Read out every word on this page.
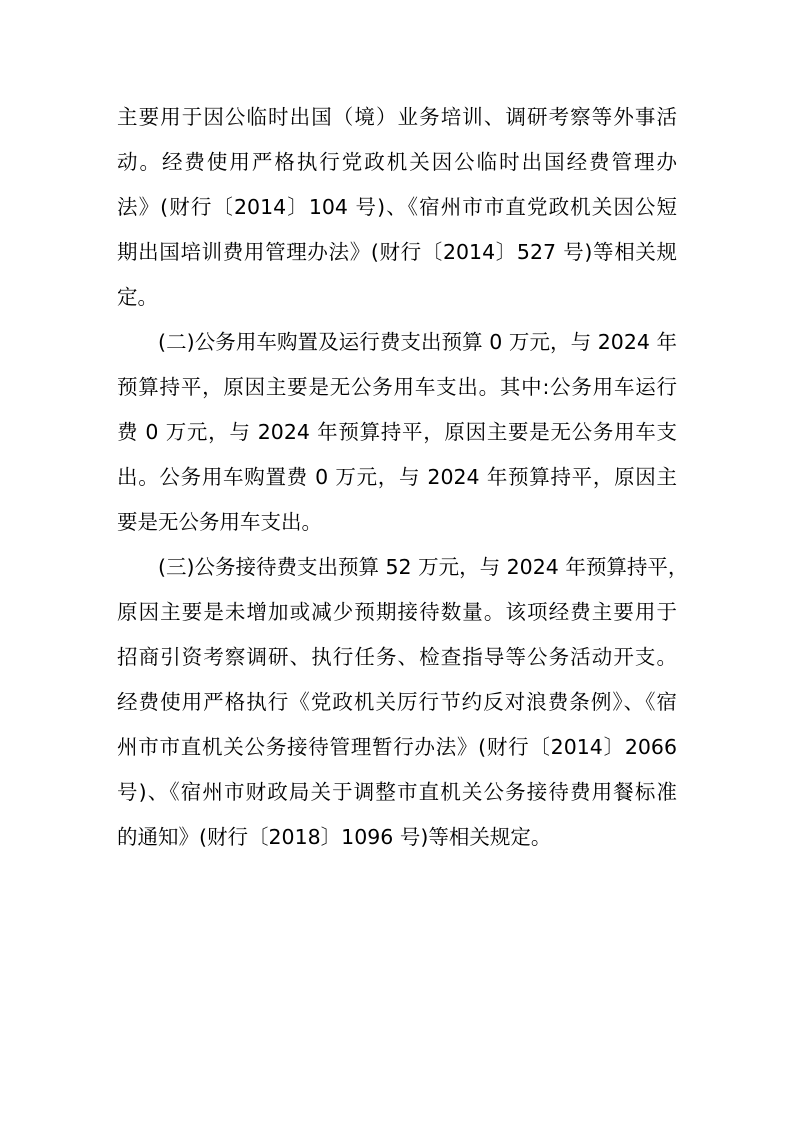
主要用于因公临时出国（境）业务培训、调研考察等外事活
动。经费使用严格执行党政机关因公临时出国经费管理办
法》(财行〔2014〕104 号)、《宿州市市直党政机关因公短
期出国培训费用管理办法》(财行〔2014〕527 号)等相关规
定。
(二)公务用车购置及运行费支出预算 0 万元，与 2024 年
预算持平，原因主要是无公务用车支出。其中:公务用车运行
费 0 万元，与 2024 年预算持平，原因主要是无公务用车支
出。公务用车购置费 0 万元，与 2024 年预算持平，原因主
要是无公务用车支出。
(三)公务接待费支出预算 52 万元，与 2024 年预算持平，
原因主要是未增加或减少预期接待数量。该项经费主要用于
招商引资考察调研、执行任务、检查指导等公务活动开支。
经费使用严格执行《党政机关厉行节约反对浪费条例》、《宿
州市市直机关公务接待管理暂行办法》(财行〔2014〕2066
号)、《宿州市财政局关于调整市直机关公务接待费用餐标准
的通知》(财行〔2018〕1096 号)等相关规定。
